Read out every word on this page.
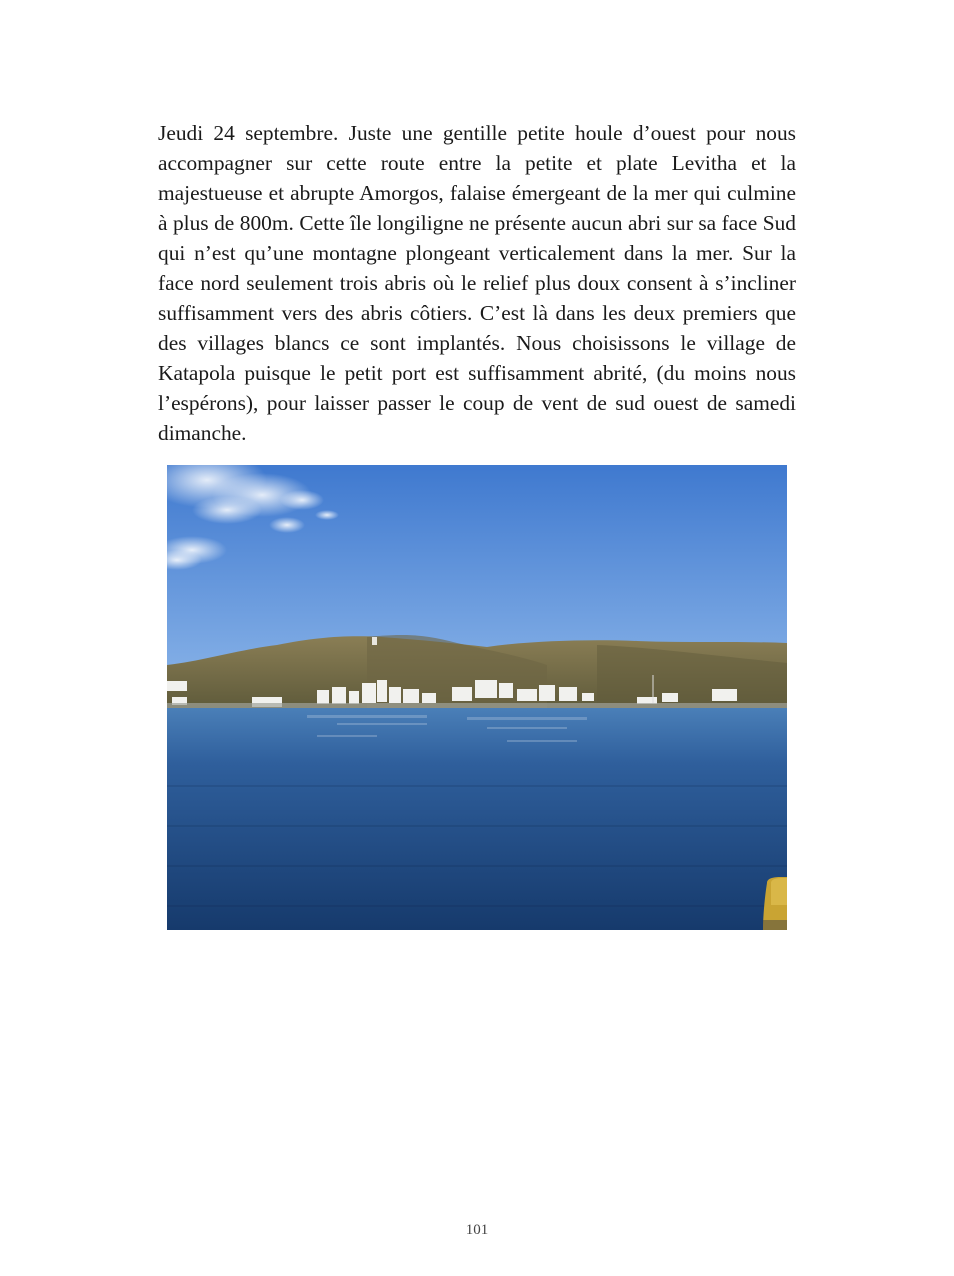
Jeudi 24 septembre. Juste une gentille petite houle d’ouest pour nous accompagner sur cette route entre la petite et plate Levitha et la majestueuse et abrupte Amorgos, falaise émergeant de la mer qui culmine à plus de 800m. Cette île longiligne ne présente aucun abri sur sa face Sud qui n’est qu’une montagne plongeant verticalement dans la mer. Sur la face nord seulement trois abris où le relief plus doux consent à s’incliner suffisamment vers des abris côtiers. C’est là dans les deux premiers que des villages blancs ce sont implantés. Nous choisissons le village de Katapola puisque le petit port est suffisamment abrité, (du moins nous l’espérons), pour laisser passer le coup de vent de sud ouest de samedi dimanche.

101
